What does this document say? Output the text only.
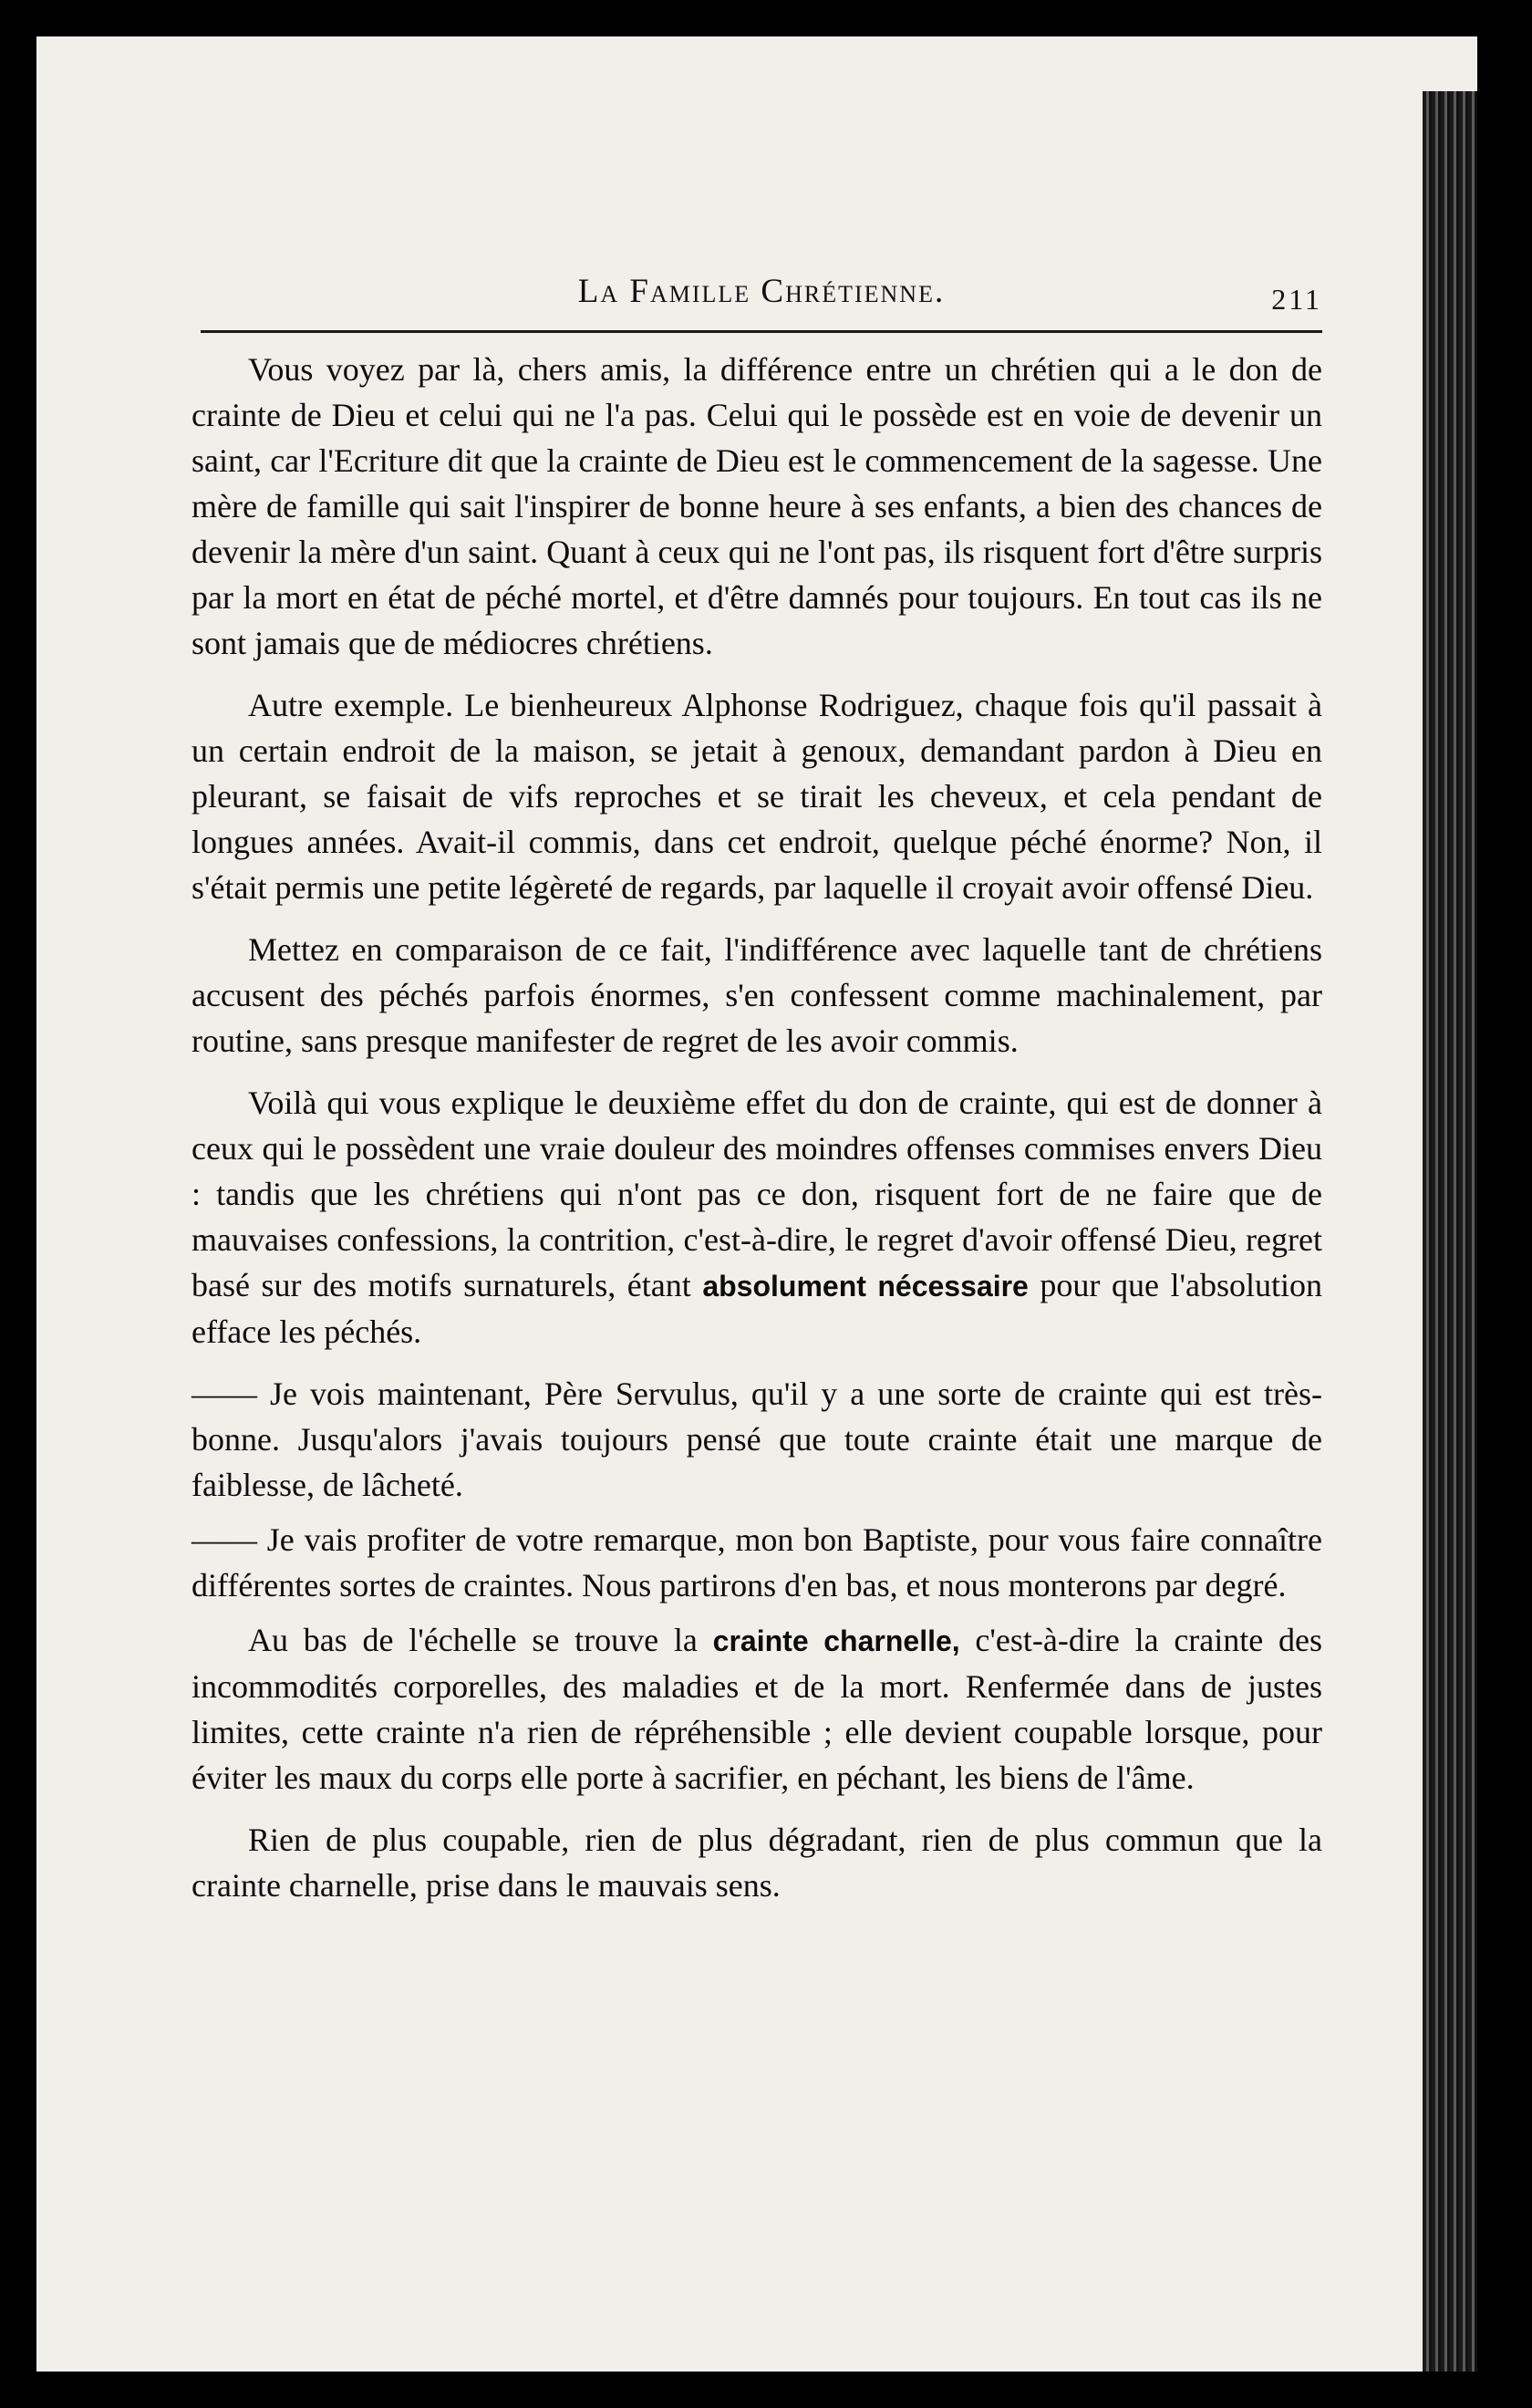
La Famille Chrétienne.	211

Vous voyez par là, chers amis, la différence entre un chrétien qui a le don de crainte de Dieu et celui qui ne l'a pas. Celui qui le possède est en voie de devenir un saint, car l'Ecriture dit que la crainte de Dieu est le commencement de la sagesse. Une mère de famille qui sait l'inspirer de bonne heure à ses enfants, a bien des chances de devenir la mère d'un saint. Quant à ceux qui ne l'ont pas, ils risquent fort d'être surpris par la mort en état de péché mortel, et d'être damnés pour toujours. En tout cas ils ne sont jamais que de médiocres chrétiens.

Autre exemple. Le bienheureux Alphonse Rodriguez, chaque fois qu'il passait à un certain endroit de la maison, se jetait à genoux, demandant pardon à Dieu en pleurant, se faisait de vifs reproches et se tirait les cheveux, et cela pendant de longues années. Avait-il commis, dans cet endroit, quelque péché énorme? Non, il s'était permis une petite légèreté de regards, par laquelle il croyait avoir offensé Dieu.

Mettez en comparaison de ce fait, l'indifférence avec laquelle tant de chrétiens accusent des péchés parfois énormes, s'en confessent comme machinalement, par routine, sans presque manifester de regret de les avoir commis.

Voilà qui vous explique le deuxième effet du don de crainte, qui est de donner à ceux qui le possèdent une vraie douleur des moindres offenses commises envers Dieu : tandis que les chrétiens qui n'ont pas ce don, risquent fort de ne faire que de mauvaises confessions, la contrition, c'est-à-dire, le regret d'avoir offensé Dieu, regret basé sur des motifs surnaturels, étant absolument nécessaire pour que l'absolution efface les péchés.

—— Je vois maintenant, Père Servulus, qu'il y a une sorte de crainte qui est très-bonne. Jusqu'alors j'avais toujours pensé que toute crainte était une marque de faiblesse, de lâcheté.

—— Je vais profiter de votre remarque, mon bon Baptiste, pour vous faire connaître différentes sortes de craintes. Nous partirons d'en bas, et nous monterons par degré.

Au bas de l'échelle se trouve la crainte charnelle, c'est-à-dire la crainte des incommodités corporelles, des maladies et de la mort. Renfermée dans de justes limites, cette crainte n'a rien de répréhensible ; elle devient coupable lorsque, pour éviter les maux du corps elle porte à sacrifier, en péchant, les biens de l'âme.

Rien de plus coupable, rien de plus dégradant, rien de plus commun que la crainte charnelle, prise dans le mauvais sens.
